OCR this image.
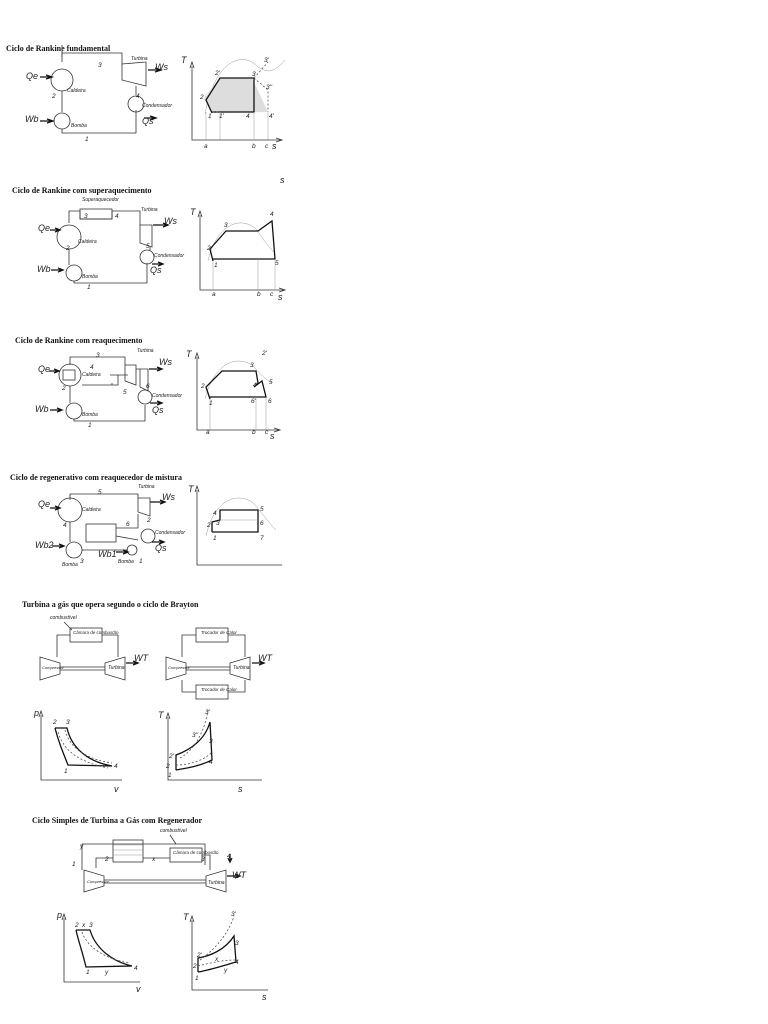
Ciclo de Rankine fundamental
Qe
Wb
Ws
Qs
Caldeira
Bomba
Turbina
Condensador
3
2	4
1
T
s
2'
3'
3''
2
3
1 1'	4	4'
a	b c
s
Ciclo de Rankine com superaquecimento
Qe
Wb
Ws
Qs
Superaquecedor
Caldeira
Bomba
Turbina
Condensador
3	4
2	5
1
T
s
2
3
4
1	5
a	b c
Ciclo de Rankine com reaquecimento
Qe
Wb
Ws
Qs
Caldeira
Bomba
Turbina
Condensador
3
4
2
5
6
1
T
s
2'
3
2	4 5
1	6' 6
a	b c
Ciclo de regenerativo com reaquecedor de mistura
Qe
Wb2
Wb1
Ws
Qs
Caldeira
Turbina
Condensador
Bomba	Bomba
5
4	6
3	1
2
T
4
5
3
2	6
1	7
Turbina a gás que opera segundo o ciclo de Brayton
combustível
Câmara de combustão
Compressor	Turbina
WT
Trocador de Calor
Compressor	Turbina
WT
Trocador de Calor
p
v
2 3
1
4
T
s
3'
3''
3
2'
2
4
1
Ciclo Simples de Turbina a Gás com Regenerador
combustível
Câmara de combustão
Compressor	Turbina
WT
y
1
2	x	3	4
p
v
2 x 3
1 y
4
T
s
3'
3
2'
x
2
4
y
1
